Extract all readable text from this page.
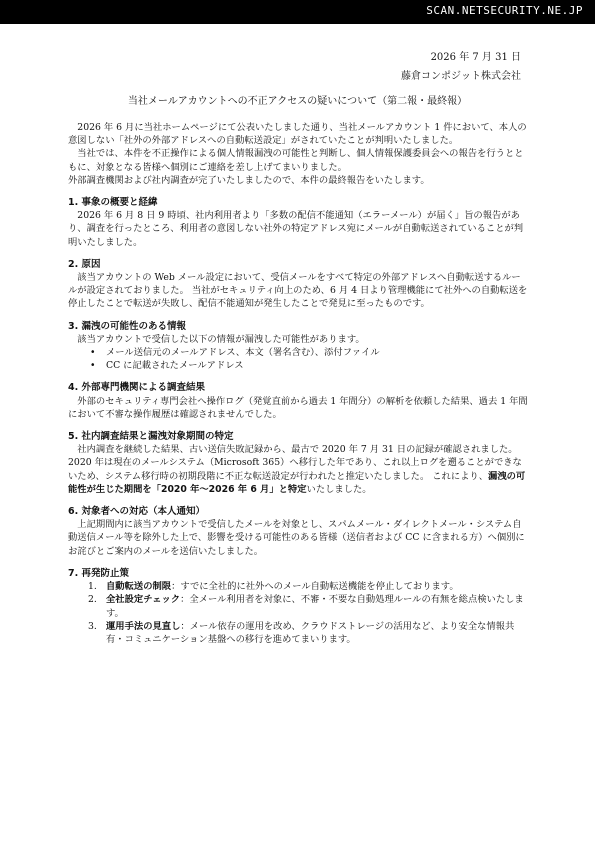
SCAN.NETSECURITY.NE.JP
2026 年 7 月 31 日
藤倉コンポジット株式会社
当社メールアカウントへの不正アクセスの疑いについて（第二報・最終報）

2026 年 6 月に当社ホームページにて公表いたしました通り、当社メールアカウント 1 件において、本人の意図しない「社外の外部アドレスへの自動転送設定」がされていたことが判明いたしました。

当社では、本件を不正操作による個人情報漏洩の可能性と判断し、個人情報保護委員会への報告を行うとともに、対象となる皆様へ個別にご連絡を差し上げてまいりました。

外部調査機関および社内調査が完了いたしましたので、本件の最終報告をいたします。

1. 事象の概要と経緯

2026 年 6 月 8 日 9 時頃、社内利用者より「多数の配信不能通知（エラーメール）が届く」旨の報告があり、調査を行ったところ、利用者の意図しない社外の特定アドレス宛にメールが自動転送されていることが判明いたしました。

2. 原因

該当アカウントの Web メール設定において、受信メールをすべて特定の外部アドレスへ自動転送するルールが設定されておりました。 当社がセキュリティ向上のため、6 月 4 日より管理機能にて社外への自動転送を停止したことで転送が失敗し、配信不能通知が発生したことで発見に至ったものです。

3. 漏洩の可能性のある情報

該当アカウントで受信した以下の情報が漏洩した可能性があります。

• メール送信元のメールアドレス、本文（署名含む）、添付ファイル
• CC に記載されたメールアドレス
4. 外部専門機関による調査結果

外部のセキュリティ専門会社へ操作ログ（発覚直前から過去 1 年間分）の解析を依頼した結果、過去 1 年間において不審な操作履歴は確認されませんでした。

5. 社内調査結果と漏洩対象期間の特定

社内調査を継続した結果、古い送信失敗記録から、最古で 2020 年 7 月 31 日の記録が確認されました。2020 年は現在のメールシステム（Microsoft 365）へ移行した年であり、これ以上ログを遡ることができないため、システム移行時の初期段階に不正な転送設定が行われたと推定いたしました。 これにより、漏洩の可能性が生じた期間を「2020 年～2026 年 6 月」と特定いたしました。

6. 対象者への対応（本人通知）

上記期間内に該当アカウントで受信したメールを対象とし、スパムメール・ダイレクトメール・システム自動送信メール等を除外した上で、影響を受ける可能性のある皆様（送信者および CC に含まれる方）へ個別にお詫びとご案内のメールを送信いたしました。

7. 再発防止策
1. 自動転送の制限：すでに全社的に社外へのメール自動転送機能を停止しております。
2. 全社設定チェック：全メール利用者を対象に、不審・不要な自動処理ルールの有無を総点検いたします。
3. 運用手法の見直し：メール依存の運用を改め、クラウドストレージの活用など、より安全な情報共有・コミュニケーション基盤への移行を進めてまいります。
